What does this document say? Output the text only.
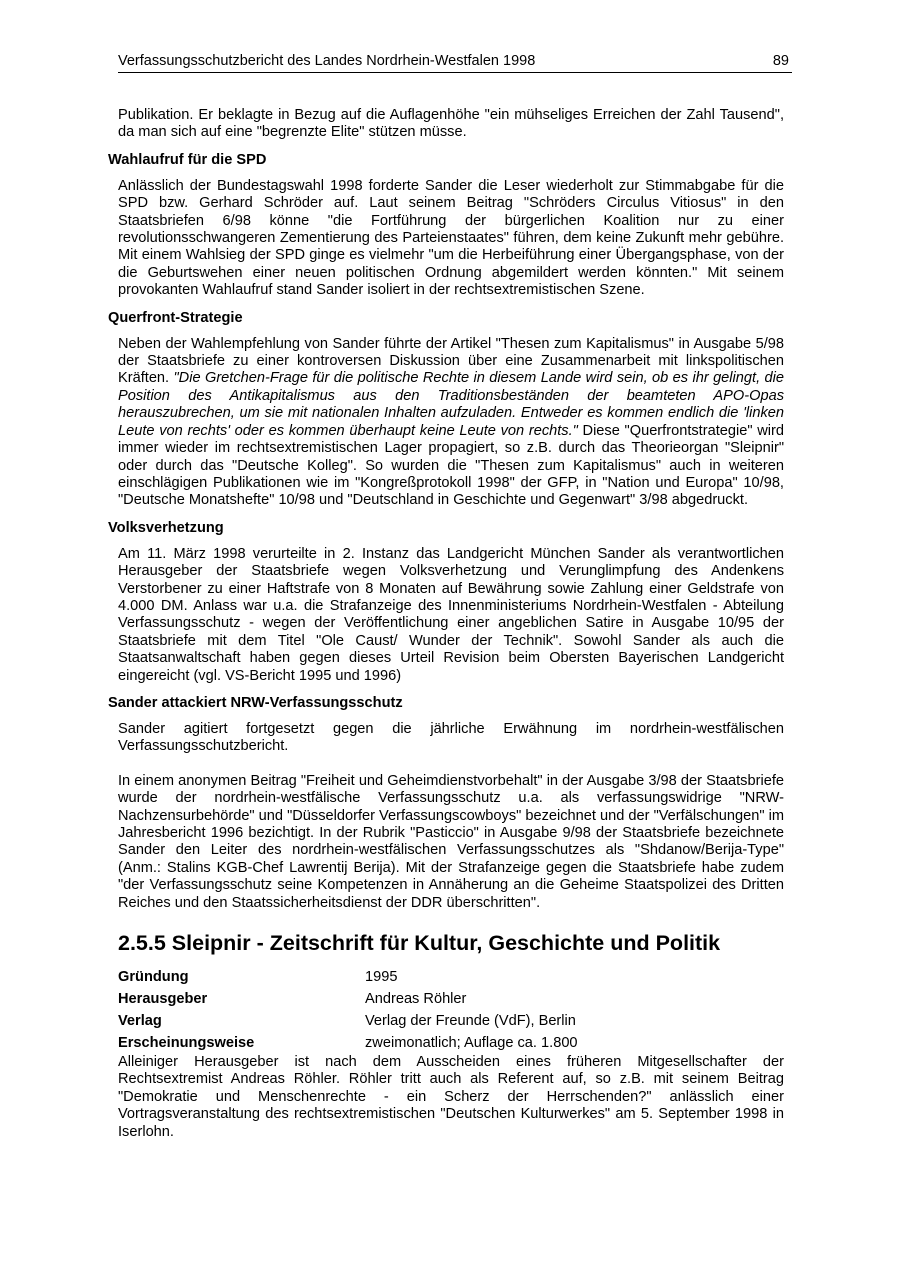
Verfassungsschutzbericht des Landes Nordrhein-Westfalen 1998	89

Publikation. Er beklagte in Bezug auf die Auflagenhöhe "ein mühseliges Erreichen der Zahl Tausend", da man sich auf eine "begrenzte Elite" stützen müsse.

Wahlaufruf für die SPD

Anlässlich der Bundestagswahl 1998 forderte Sander die Leser wiederholt zur Stimmabgabe für die SPD bzw. Gerhard Schröder auf. Laut seinem Beitrag "Schröders Circulus Vitiosus" in den Staatsbriefen 6/98 könne "die Fortführung der bürgerlichen Koalition nur zu einer revolutionsschwangeren Zementierung des Parteienstaates" führen, dem keine Zukunft mehr gebühre. Mit einem Wahlsieg der SPD ginge es vielmehr "um die Herbeiführung einer Übergangsphase, von der die Geburtswehen einer neuen politischen Ordnung abgemildert werden könnten." Mit seinem provokanten Wahlaufruf stand Sander isoliert in der rechtsextremistischen Szene.

Querfront-Strategie

Neben der Wahlempfehlung von Sander führte der Artikel "Thesen zum Kapitalismus" in Ausgabe 5/98 der Staatsbriefe zu einer kontroversen Diskussion über eine Zusammenarbeit mit linkspolitischen Kräften. "Die Gretchen-Frage für die politische Rechte in diesem Lande wird sein, ob es ihr gelingt, die Position des Antikapitalismus aus den Traditionsbeständen der beamteten APO-Opas herauszubrechen, um sie mit nationalen Inhalten aufzuladen. Entweder es kommen endlich die 'linken Leute von rechts' oder es kommen überhaupt keine Leute von rechts." Diese "Querfrontstrategie" wird immer wieder im rechtsextremistischen Lager propagiert, so z.B. durch das Theorieorgan "Sleipnir" oder durch das "Deutsche Kolleg". So wurden die "Thesen zum Kapitalismus" auch in weiteren einschlägigen Publikationen wie im "Kongreßprotokoll 1998" der GFP, in "Nation und Europa" 10/98, "Deutsche Monatshefte" 10/98 und "Deutschland in Geschichte und Gegenwart" 3/98 abgedruckt.

Volksverhetzung

Am 11. März 1998 verurteilte in 2. Instanz das Landgericht München Sander als verantwortlichen Herausgeber der Staatsbriefe wegen Volksverhetzung und Verunglimpfung des Andenkens Verstorbener zu einer Haftstrafe von 8 Monaten auf Bewährung sowie Zahlung einer Geldstrafe von 4.000 DM. Anlass war u.a. die Strafanzeige des Innenministeriums Nordrhein-Westfalen - Abteilung Verfassungsschutz - wegen der Veröffentlichung einer angeblichen Satire in Ausgabe 10/95 der Staatsbriefe mit dem Titel "Ole Caust/ Wunder der Technik". Sowohl Sander als auch die Staatsanwaltschaft haben gegen dieses Urteil Revision beim Obersten Bayerischen Landgericht eingereicht (vgl. VS-Bericht 1995 und 1996)

Sander attackiert NRW-Verfassungsschutz

Sander agitiert fortgesetzt gegen die jährliche Erwähnung im nordrhein-westfälischen Verfassungsschutzbericht.

In einem anonymen Beitrag "Freiheit und Geheimdienstvorbehalt" in der Ausgabe 3/98 der Staatsbriefe wurde der nordrhein-westfälische Verfassungsschutz u.a. als verfassungswidrige "NRW-Nachzensurbehörde" und "Düsseldorfer Verfassungscowboys" bezeichnet und der "Verfälschungen" im Jahresbericht 1996 bezichtigt. In der Rubrik "Pasticcio" in Ausgabe 9/98 der Staatsbriefe bezeichnete Sander den Leiter des nordrhein-westfälischen Verfassungsschutzes als "Shdanow/Berija-Type" (Anm.: Stalins KGB-Chef Lawrentij Berija). Mit der Strafanzeige gegen die Staatsbriefe habe zudem "der Verfassungsschutz seine Kompetenzen in Annäherung an die Geheime Staatspolizei des Dritten Reiches und den Staatssicherheitsdienst der DDR überschritten".

2.5.5 Sleipnir - Zeitschrift für Kultur, Geschichte und Politik
Gründung	1995
Herausgeber	Andreas Röhler
Verlag	Verlag der Freunde (VdF), Berlin
Erscheinungsweise	zweimonatlich; Auflage ca. 1.800

Alleiniger Herausgeber ist nach dem Ausscheiden eines früheren Mitgesellschafter der Rechtsextremist Andreas Röhler. Röhler tritt auch als Referent auf, so z.B. mit seinem Beitrag "Demokratie und Menschenrechte - ein Scherz der Herrschenden?" anlässlich einer Vortragsveranstaltung des rechtsextremistischen "Deutschen Kulturwerkes" am 5. September 1998 in Iserlohn.
